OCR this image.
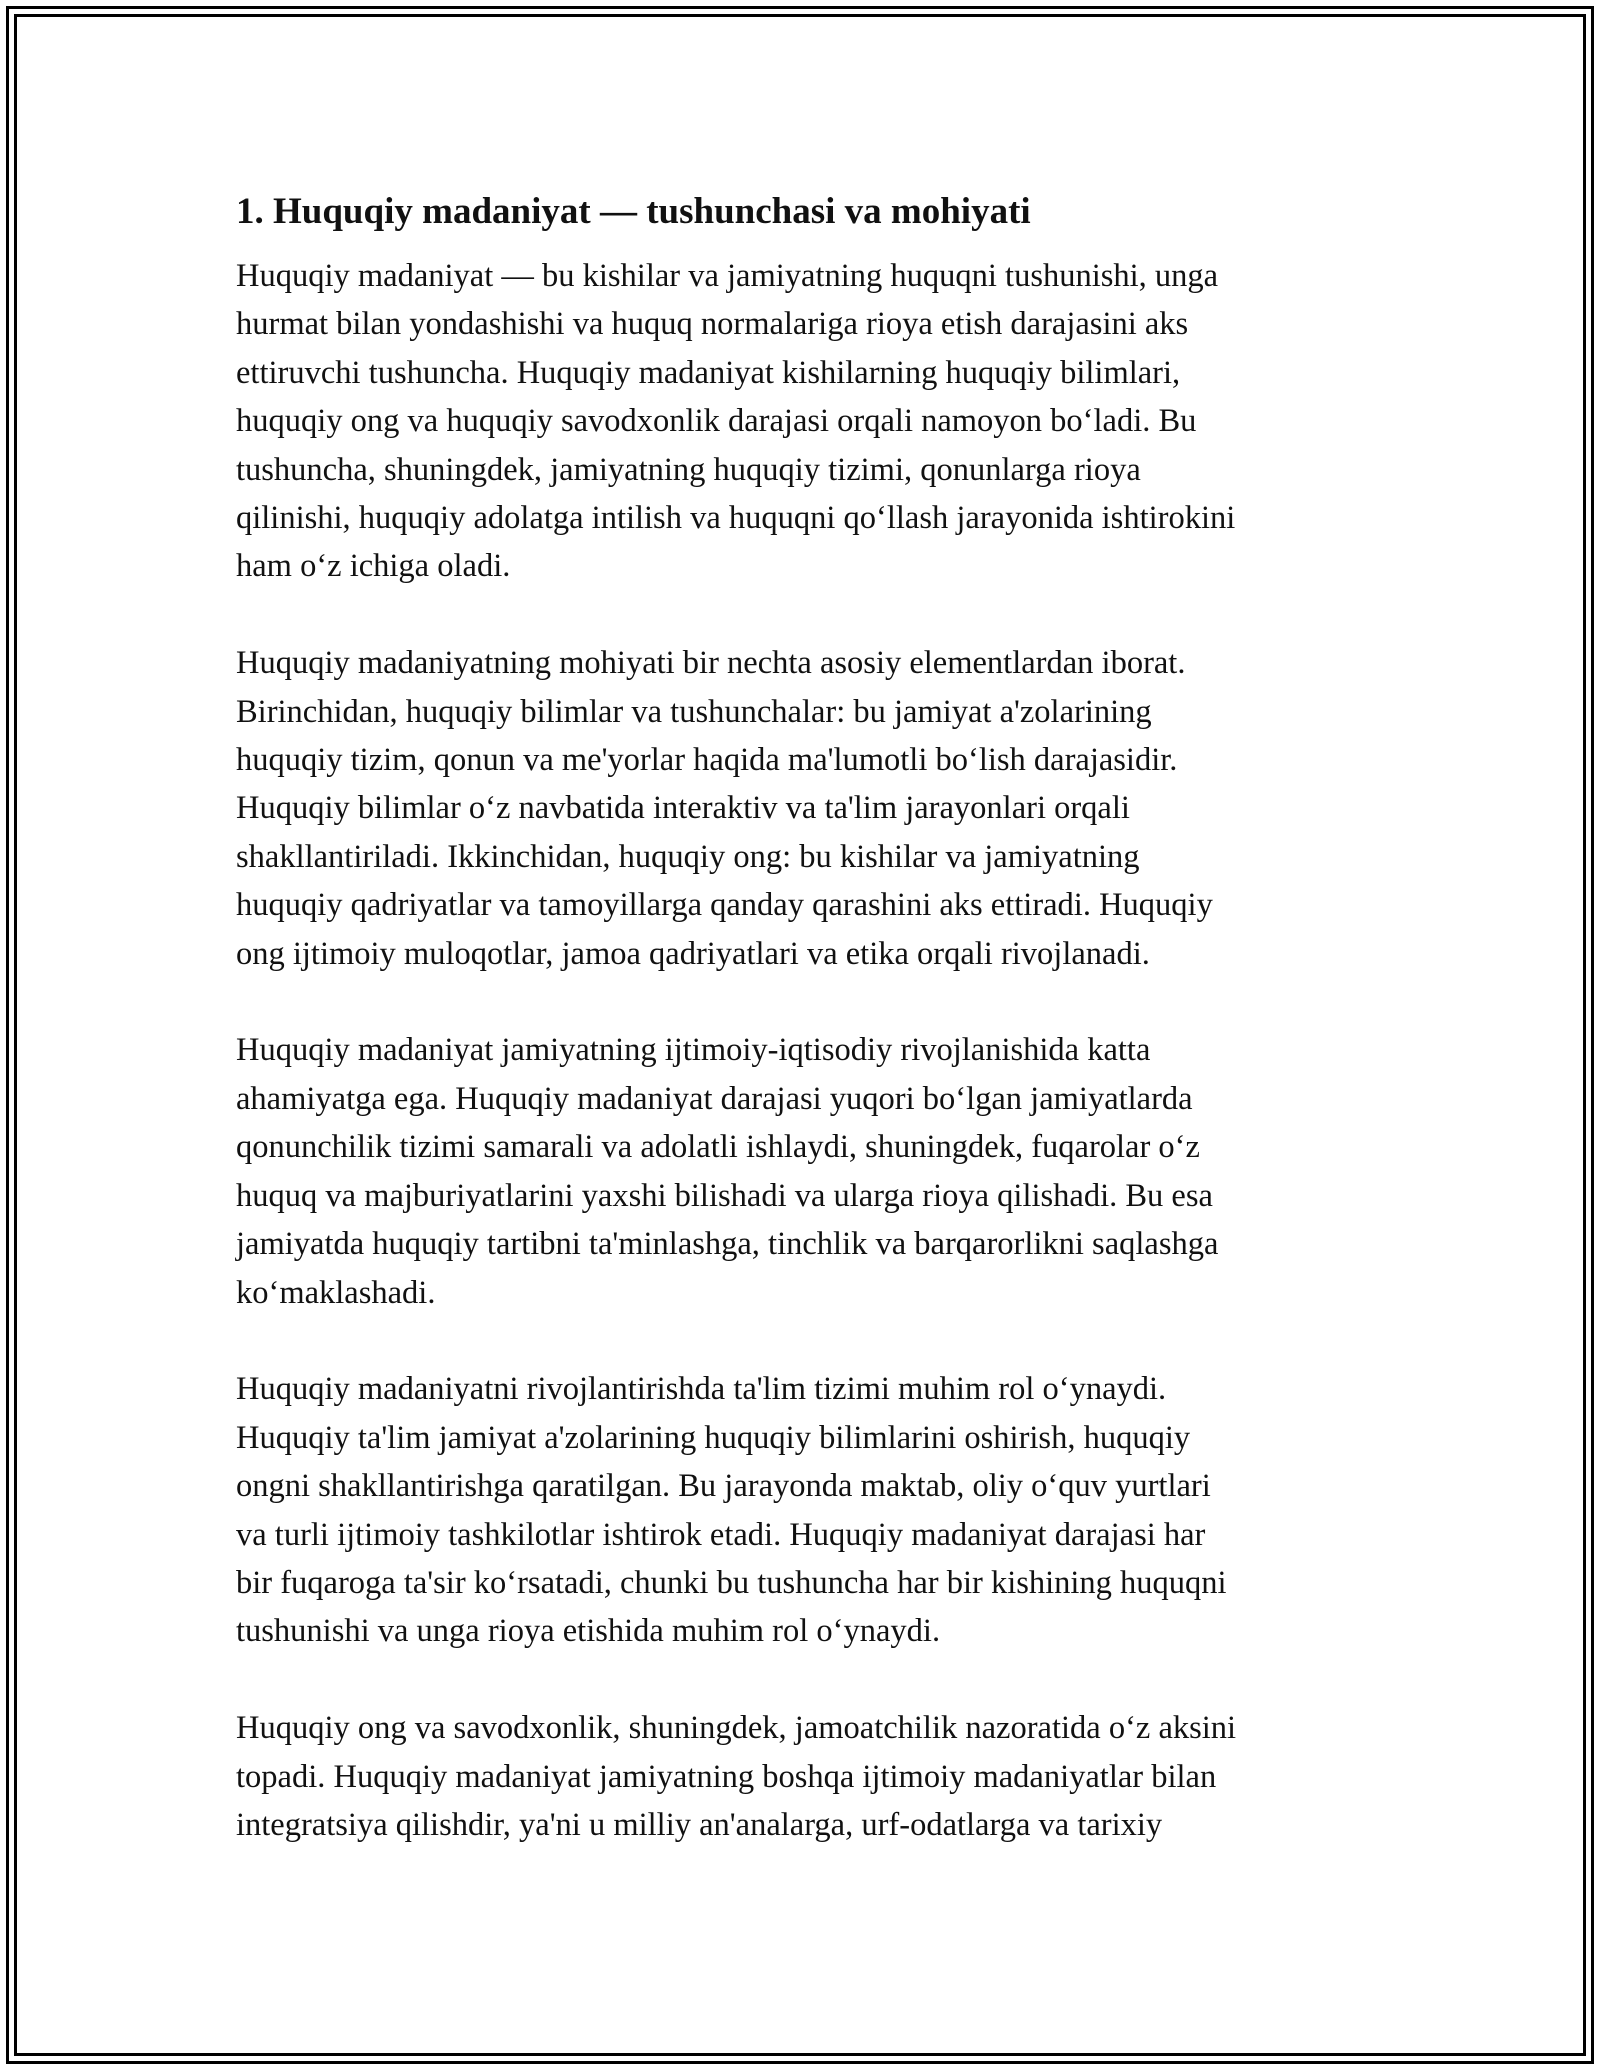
1. Huquqiy madaniyat — tushunchasi va mohiyati

Huquqiy madaniyat — bu kishilar va jamiyatning huquqni tushunishi, unga
hurmat bilan yondashishi va huquq normalariga rioya etish darajasini aks
ettiruvchi tushuncha. Huquqiy madaniyat kishilarning huquqiy bilimlari,
huquqiy ong va huquqiy savodxonlik darajasi orqali namoyon boʻladi. Bu
tushuncha, shuningdek, jamiyatning huquqiy tizimi, qonunlarga rioya
qilinishi, huquqiy adolatga intilish va huquqni qoʻllash jarayonida ishtirokini
ham oʻz ichiga oladi.

Huquqiy madaniyatning mohiyati bir nechta asosiy elementlardan iborat.
Birinchidan, huquqiy bilimlar va tushunchalar: bu jamiyat a'zolarining
huquqiy tizim, qonun va me'yorlar haqida ma'lumotli boʻlish darajasidir.
Huquqiy bilimlar oʻz navbatida interaktiv va ta'lim jarayonlari orqali
shakllantiriladi. Ikkinchidan, huquqiy ong: bu kishilar va jamiyatning
huquqiy qadriyatlar va tamoyillarga qanday qarashini aks ettiradi. Huquqiy
ong ijtimoiy muloqotlar, jamoa qadriyatlari va etika orqali rivojlanadi.

Huquqiy madaniyat jamiyatning ijtimoiy-iqtisodiy rivojlanishida katta
ahamiyatga ega. Huquqiy madaniyat darajasi yuqori boʻlgan jamiyatlarda
qonunchilik tizimi samarali va adolatli ishlaydi, shuningdek, fuqarolar oʻz
huquq va majburiyatlarini yaxshi bilishadi va ularga rioya qilishadi. Bu esa
jamiyatda huquqiy tartibni ta'minlashga, tinchlik va barqarorlikni saqlashga
koʻmaklashadi.

Huquqiy madaniyatni rivojlantirishda ta'lim tizimi muhim rol oʻynaydi.
Huquqiy ta'lim jamiyat a'zolarining huquqiy bilimlarini oshirish, huquqiy
ongni shakllantirishga qaratilgan. Bu jarayonda maktab, oliy oʻquv yurtlari
va turli ijtimoiy tashkilotlar ishtirok etadi. Huquqiy madaniyat darajasi har
bir fuqaroga ta'sir koʻrsatadi, chunki bu tushuncha har bir kishining huquqni
tushunishi va unga rioya etishida muhim rol oʻynaydi.

Huquqiy ong va savodxonlik, shuningdek, jamoatchilik nazoratida oʻz aksini
topadi. Huquqiy madaniyat jamiyatning boshqa ijtimoiy madaniyatlar bilan
integratsiya qilishdir, ya'ni u milliy an'analarga, urf-odatlarga va tarixiy
